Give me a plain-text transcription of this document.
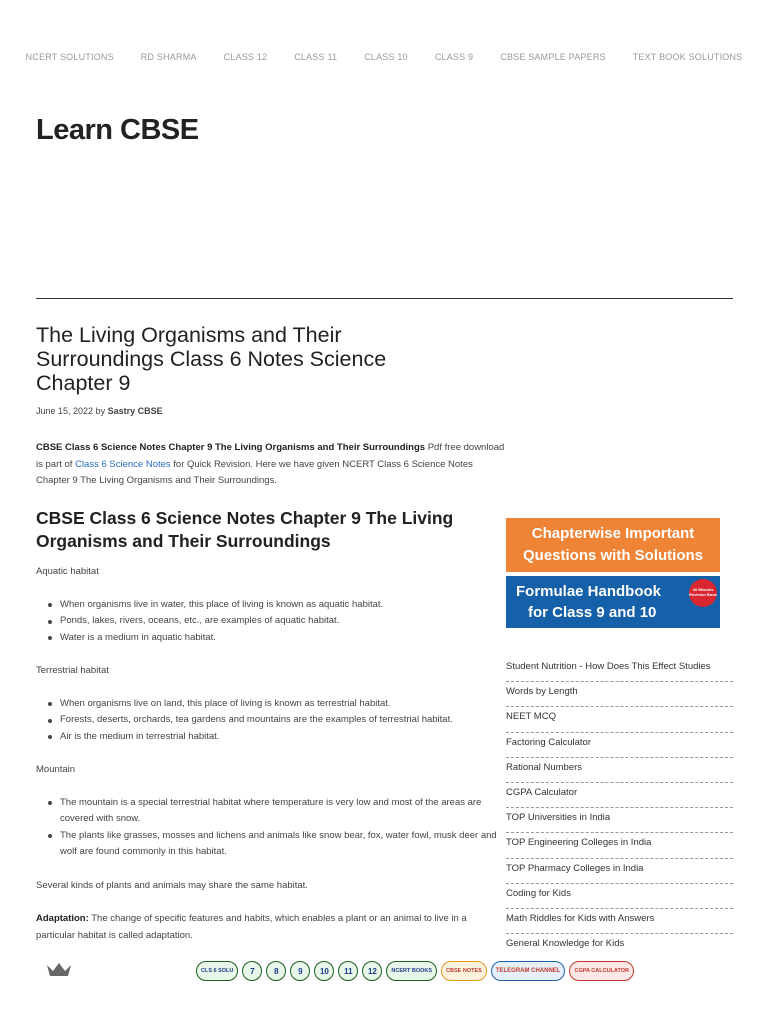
NCERT SOLUTIONS	RD SHARMA	CLASS 12	CLASS 11	CLASS 10	CLASS 9	CBSE SAMPLE PAPERS	TEXT BOOK SOLUTIONS
Learn CBSE
The Living Organisms and Their Surroundings Class 6 Notes Science Chapter 9
June 15, 2022 by Sastry CBSE

CBSE Class 6 Science Notes Chapter 9 The Living Organisms and Their Surroundings Pdf free download is part of Class 6 Science Notes for Quick Revision. Here we have given NCERT Class 6 Science Notes Chapter 9 The Living Organisms and Their Surroundings.

CBSE Class 6 Science Notes Chapter 9 The Living Organisms and Their Surroundings

Aquatic habitat

When organisms live in water, this place of living is known as aquatic habitat.
Ponds, lakes, rivers, oceans, etc., are examples of aquatic habitat.
Water is a medium in aquatic habitat.

Terrestrial habitat

When organisms live on land, this place of living is known as terrestrial habitat.
Forests, deserts, orchards, tea gardens and mountains are the examples of terrestrial habitat.
Air is the medium in terrestrial habitat.

Mountain

The mountain is a special terrestrial habitat where temperature is very low and most of the areas are covered with snow.
The plants like grasses, mosses and lichens and animals like snow bear, fox, water fowl, musk deer and wolf are found commonly in this habitat.

Several kinds of plants and animals may share the same habitat.

Adaptation: The change of specific features and habits, which enables a plant or an animal to live in a particular habitat is called adaptation.

Chapterwise Important
Questions with Solutions
Formulae Handbook
for Class 9 and 10
40 Minutes Revision Book
Student Nutrition - How Does This Effect Studies
Words by Length
NEET MCQ
Factoring Calculator
Rational Numbers
CGPA Calculator
TOP Universities in India
TOP Engineering Colleges in India
TOP Pharmacy Colleges in India
Coding for Kids
Math Riddles for Kids with Answers
General Knowledge for Kids
CLS 6 SOLU	7	8	9	10	11	12	NCERT BOOKS	CBSE NOTES	TELEGRAM CHANNEL	CGPA CALCULATOR
